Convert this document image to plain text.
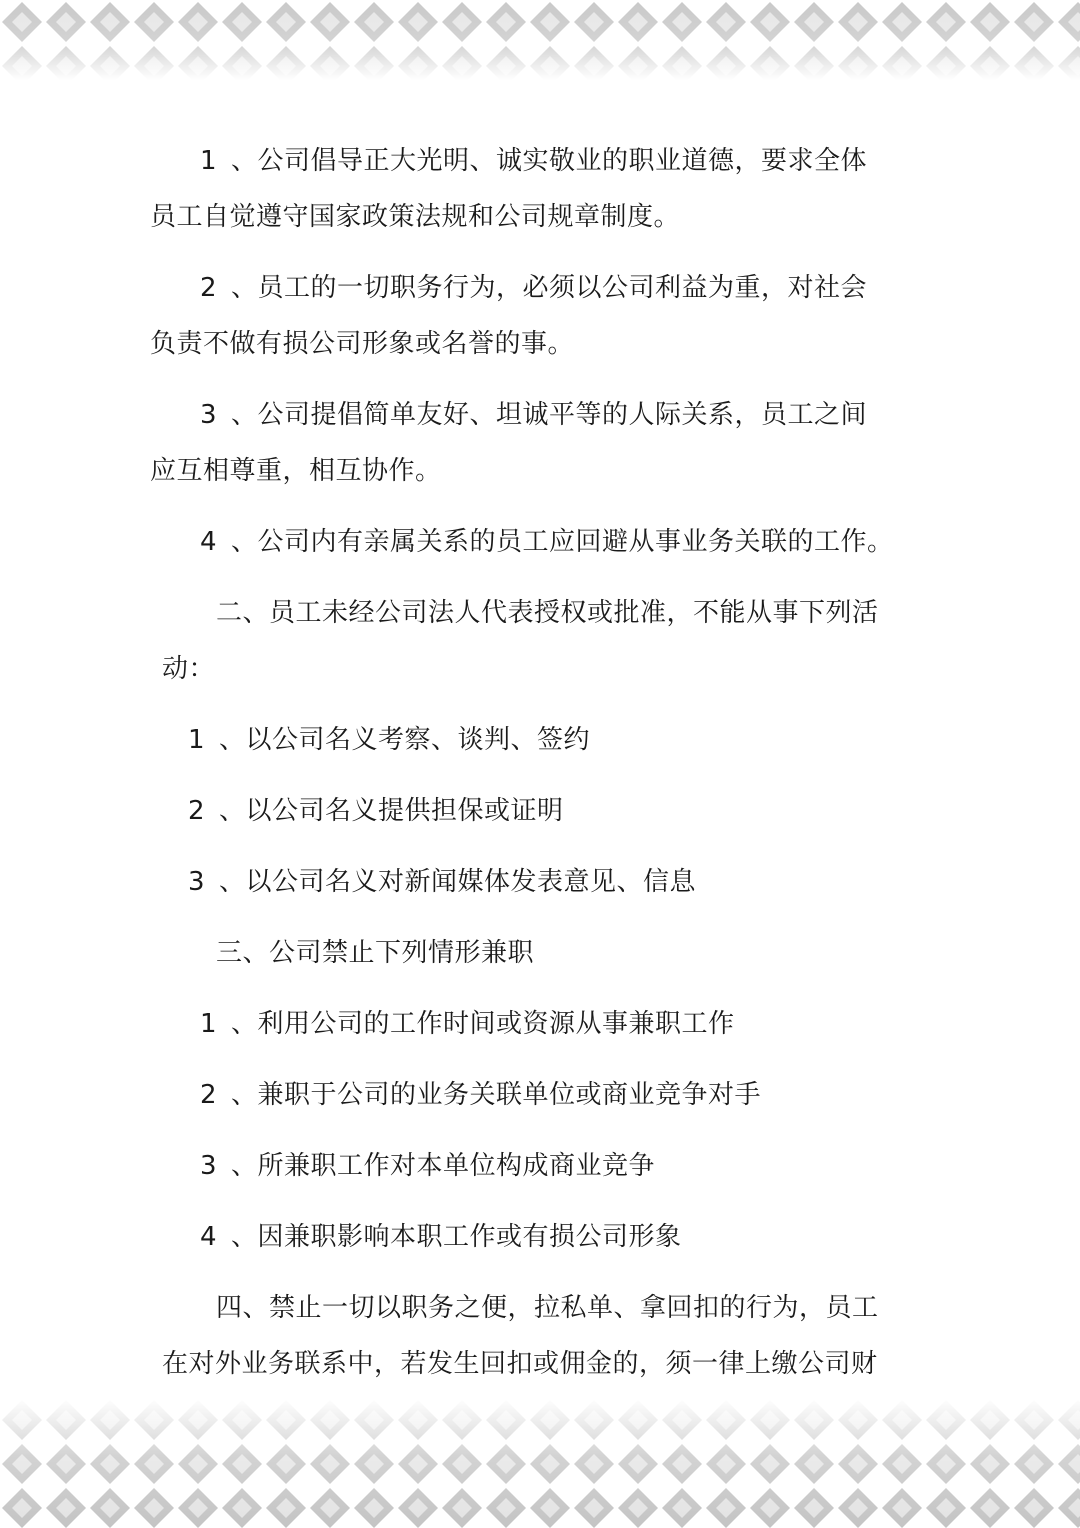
1 、公司倡导正大光明、诚实敬业的职业道德，要求全体
员工自觉遵守国家政策法规和公司规章制度。
2 、员工的一切职务行为，必须以公司利益为重，对社会
负责不做有损公司形象或名誉的事。
3 、公司提倡简单友好、坦诚平等的人际关系，员工之间
应互相尊重，相互协作。
4 、公司内有亲属关系的员工应回避从事业务关联的工作。
二、员工未经公司法人代表授权或批准，不能从事下列活
动：
1 、以公司名义考察、谈判、签约
2 、以公司名义提供担保或证明
3 、以公司名义对新闻媒体发表意见、信息
三、公司禁止下列情形兼职
1 、利用公司的工作时间或资源从事兼职工作
2 、兼职于公司的业务关联单位或商业竞争对手
3 、所兼职工作对本单位构成商业竞争
4 、因兼职影响本职工作或有损公司形象
四、禁止一切以职务之便，拉私单、拿回扣的行为，员工
在对外业务联系中，若发生回扣或佣金的，须一律上缴公司财
